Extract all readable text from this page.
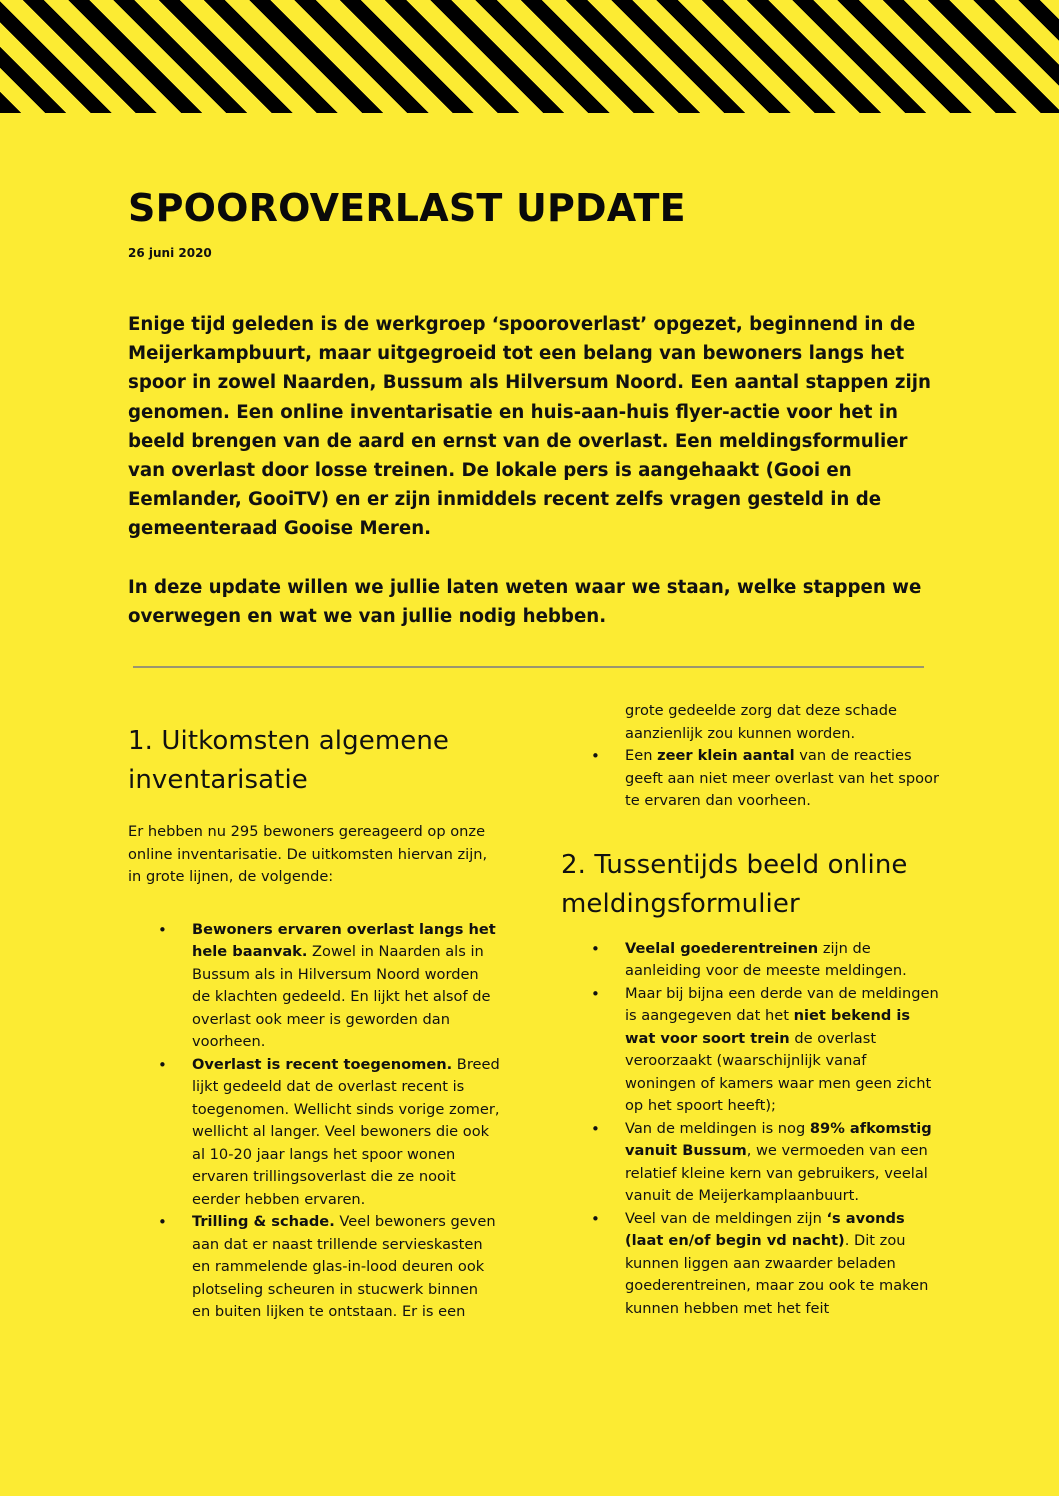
SPOOROVERLAST UPDATE

26 juni 2020

Enige tijd geleden is de werkgroep ‘spooroverlast’ opgezet, beginnend in de Meijerkampbuurt, maar uitgegroeid tot een belang van bewoners langs het spoor in zowel Naarden, Bussum als Hilversum Noord. Een aantal stappen zijn genomen. Een online inventarisatie en huis-aan-huis flyer-actie voor het in beeld brengen van de aard en ernst van de overlast. Een meldingsformulier van overlast door losse treinen. De lokale pers is aangehaakt (Gooi en Eemlander, GooiTV) en er zijn inmiddels recent zelfs vragen gesteld in de gemeenteraad Gooise Meren.

In deze update willen we jullie laten weten waar we staan, welke stappen we overwegen en wat we van jullie nodig hebben.

1. Uitkomsten algemene inventarisatie

Er hebben nu 295 bewoners gereageerd op onze online inventarisatie. De uitkomsten hiervan zijn, in grote lijnen, de volgende:

• Bewoners ervaren overlast langs het hele baanvak. Zowel in Naarden als in Bussum als in Hilversum Noord worden de klachten gedeeld. En lijkt het alsof de overlast ook meer is geworden dan voorheen.
• Overlast is recent toegenomen. Breed lijkt gedeeld dat de overlast recent is toegenomen. Wellicht sinds vorige zomer, wellicht al langer. Veel bewoners die ook al 10-20 jaar langs het spoor wonen ervaren trillingsoverlast die ze nooit eerder hebben ervaren.
• Trilling & schade. Veel bewoners geven aan dat er naast trillende servieskasten en rammelende glas-in-lood deuren ook plotseling scheuren in stucwerk binnen en buiten lijken te ontstaan. Er is een
grote gedeelde zorg dat deze schade aanzienlijk zou kunnen worden.
• Een zeer klein aantal van de reacties geeft aan niet meer overlast van het spoor te ervaren dan voorheen.
2. Tussentijds beeld online meldingsformulier
• Veelal goederentreinen zijn de aanleiding voor de meeste meldingen.
• Maar bij bijna een derde van de meldingen is aangegeven dat het niet bekend is wat voor soort trein de overlast veroorzaakt (waarschijnlijk vanaf woningen of kamers waar men geen zicht op het spoort heeft);
• Van de meldingen is nog 89% afkomstig vanuit Bussum, we vermoeden van een relatief kleine kern van gebruikers, veelal vanuit de Meijerkamplaanbuurt.
• Veel van de meldingen zijn ‘s avonds (laat en/of begin vd nacht). Dit zou kunnen liggen aan zwaarder beladen goederentreinen, maar zou ook te maken kunnen hebben met het feit
